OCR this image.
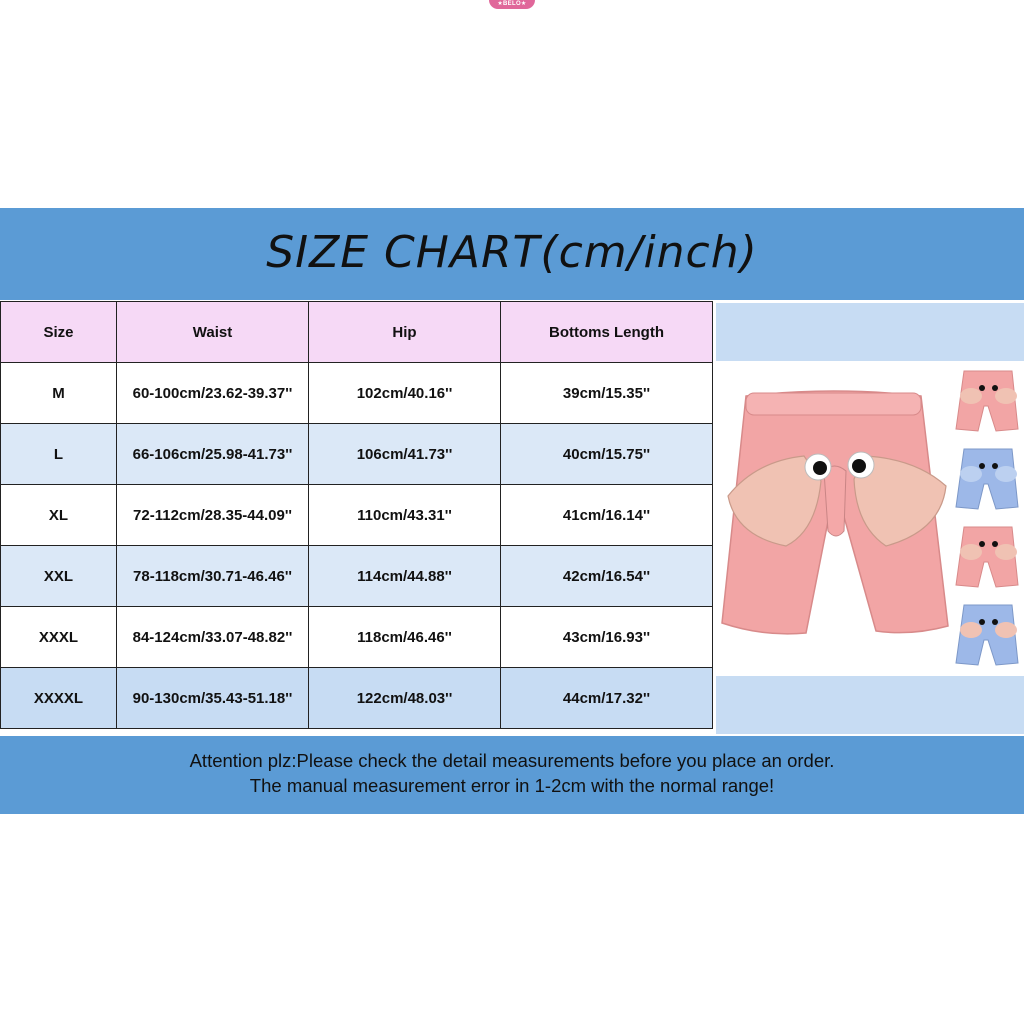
★BELO★
SIZE CHART(cm/inch)
Size	Waist	Hip	Bottoms Length
M	60-100cm/23.62-39.37''	102cm/40.16''	39cm/15.35''
L	66-106cm/25.98-41.73''	106cm/41.73''	40cm/15.75''
XL	72-112cm/28.35-44.09''	110cm/43.31''	41cm/16.14''
XXL	78-118cm/30.71-46.46''	114cm/44.88''	42cm/16.54''
XXXL	84-124cm/33.07-48.82''	118cm/46.46''	43cm/16.93''
XXXXL	90-130cm/35.43-51.18''	122cm/48.03''	44cm/17.32''
Attention plz:Please check the detail measurements before you place an order.
The manual measurement error in 1-2cm with the normal range!
